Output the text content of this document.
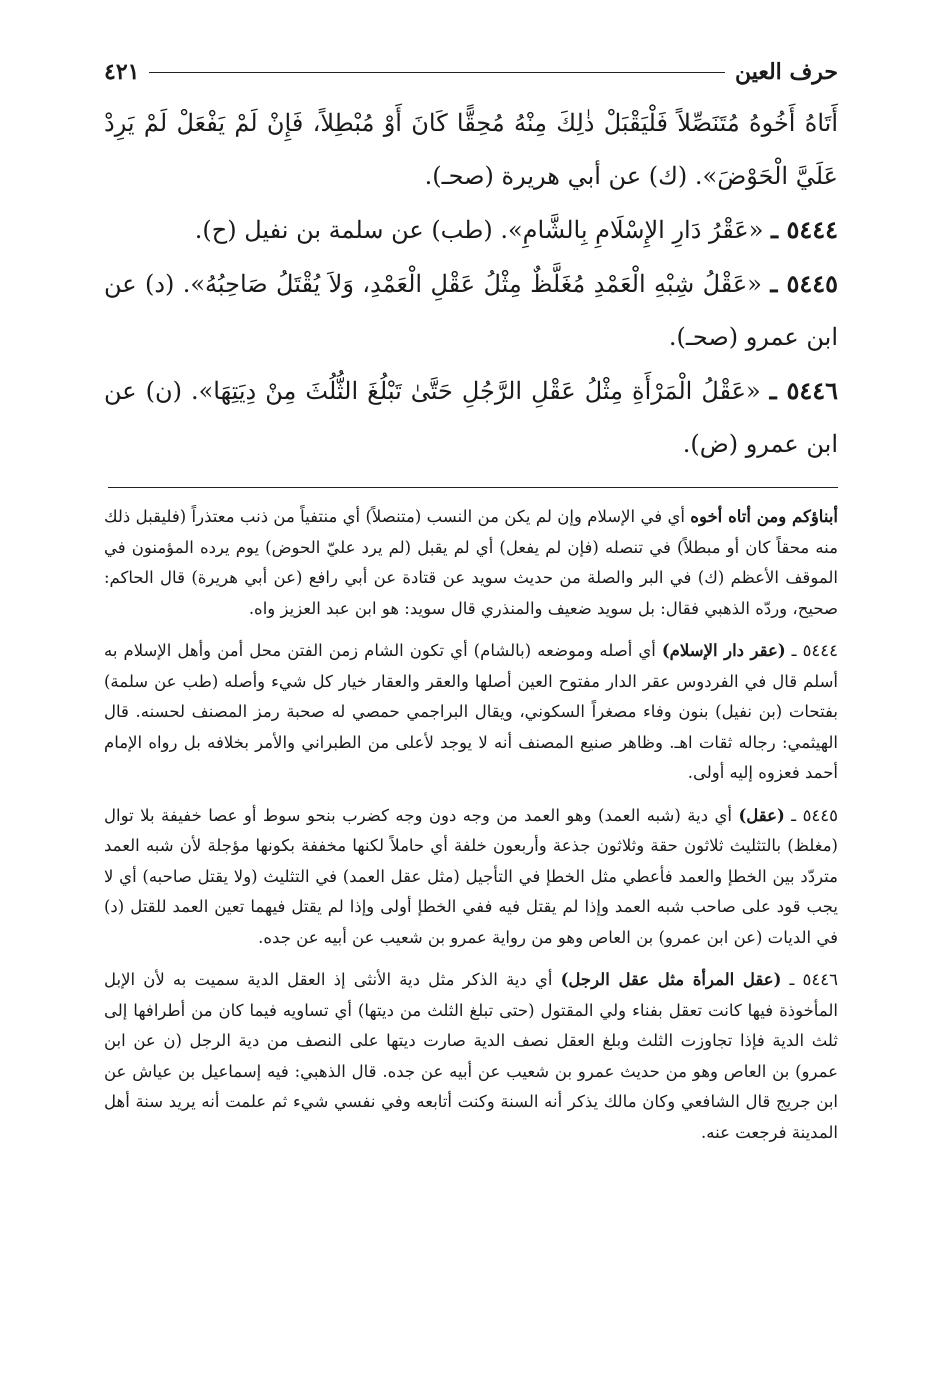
حرف العين
٤٢١

أَتَاهُ أَخُوهُ مُتَنَصِّلاً فَلْيَقْبَلْ ذٰلِكَ مِنْهُ مُحِقًّا كَانَ أَوْ مُبْطِلاً، فَإِنْ لَمْ يَفْعَلْ لَمْ يَرِدْ عَلَيَّ الْحَوْضَ». (ك) عن أبي هريرة (صحـ).

٥٤٤٤ ـ «عَقْرُ دَارِ الإِسْلَامِ بِالشَّامِ». (طب) عن سلمة بن نفيل (ح).

٥٤٤٥ ـ «عَقْلُ شِبْهِ الْعَمْدِ مُغَلَّظٌ مِثْلُ عَقْلِ الْعَمْدِ، وَلاَ يُقْتَلُ صَاحِبُهُ». (د) عن ابن عمرو (صحـ).

٥٤٤٦ ـ «عَقْلُ الْمَرْأَةِ مِثْلُ عَقْلِ الرَّجُلِ حَتَّىٰ تَبْلُغَ الثُّلُثَ مِنْ دِيَتِهَا». (ن) عن ابن عمرو (ض).

أبناؤكم ومن أتاه أخوه أي في الإسلام وإن لم يكن من النسب (متنصلاً) أي منتفياً من ذنب معتذراً (فليقبل ذلك منه محقاً كان أو مبطلاً) في تنصله (فإن لم يفعل) أي لم يقبل (لم يرد عليّ الحوض) يوم يرده المؤمنون في الموقف الأعظم (ك) في البر والصلة من حديث سويد عن قتادة عن أبي رافع (عن أبي هريرة) قال الحاكم: صحيح، وردّه الذهبي فقال: بل سويد ضعيف والمنذري قال سويد: هو ابن عبد العزيز واه.

٥٤٤٤ ـ (عقر دار الإسلام) أي أصله وموضعه (بالشام) أي تكون الشام زمن الفتن محل أمن وأهل الإسلام به أسلم قال في الفردوس عقر الدار مفتوح العين أصلها والعقر والعقار خيار كل شيء وأصله (طب عن سلمة) بفتحات (بن نفيل) بنون وفاء مصغراً السكوني، ويقال البراجمي حمصي له صحبة رمز المصنف لحسنه. قال الهيثمي: رجاله ثقات اهـ. وظاهر صنيع المصنف أنه لا يوجد لأعلى من الطبراني والأمر بخلافه بل رواه الإمام أحمد فعزوه إليه أولى.

٥٤٤٥ ـ (عقل) أي دية (شبه العمد) وهو العمد من وجه دون وجه كضرب بنحو سوط أو عصا خفيفة بلا توال (مغلظ) بالتثليث ثلاثون حقة وثلاثون جذعة وأربعون خلفة أي حاملاً لكنها مخففة بكونها مؤجلة لأن شبه العمد متردّد بين الخطإ والعمد فأعطي مثل الخطإ في التأجيل (مثل عقل العمد) في التثليث (ولا يقتل صاحبه) أي لا يجب قود على صاحب شبه العمد وإذا لم يقتل فيه ففي الخطإ أولى وإذا لم يقتل فيهما تعين العمد للقتل (د) في الديات (عن ابن عمرو) بن العاص وهو من رواية عمرو بن شعيب عن أبيه عن جده.

٥٤٤٦ ـ (عقل المرأة مثل عقل الرجل) أي دية الذكر مثل دية الأنثى إذ العقل الدية سميت به لأن الإبل المأخوذة فيها كانت تعقل بفناء ولي المقتول (حتى تبلغ الثلث من ديتها) أي تساويه فيما كان من أطرافها إلى ثلث الدية فإذا تجاوزت الثلث وبلغ العقل نصف الدية صارت ديتها على النصف من دية الرجل (ن عن ابن عمرو) بن العاص وهو من حديث عمرو بن شعيب عن أبيه عن جده. قال الذهبي: فيه إسماعيل بن عياش عن ابن جريج قال الشافعي وكان مالك يذكر أنه السنة وكنت أتابعه وفي نفسي شيء ثم علمت أنه يريد سنة أهل المدينة فرجعت عنه.
